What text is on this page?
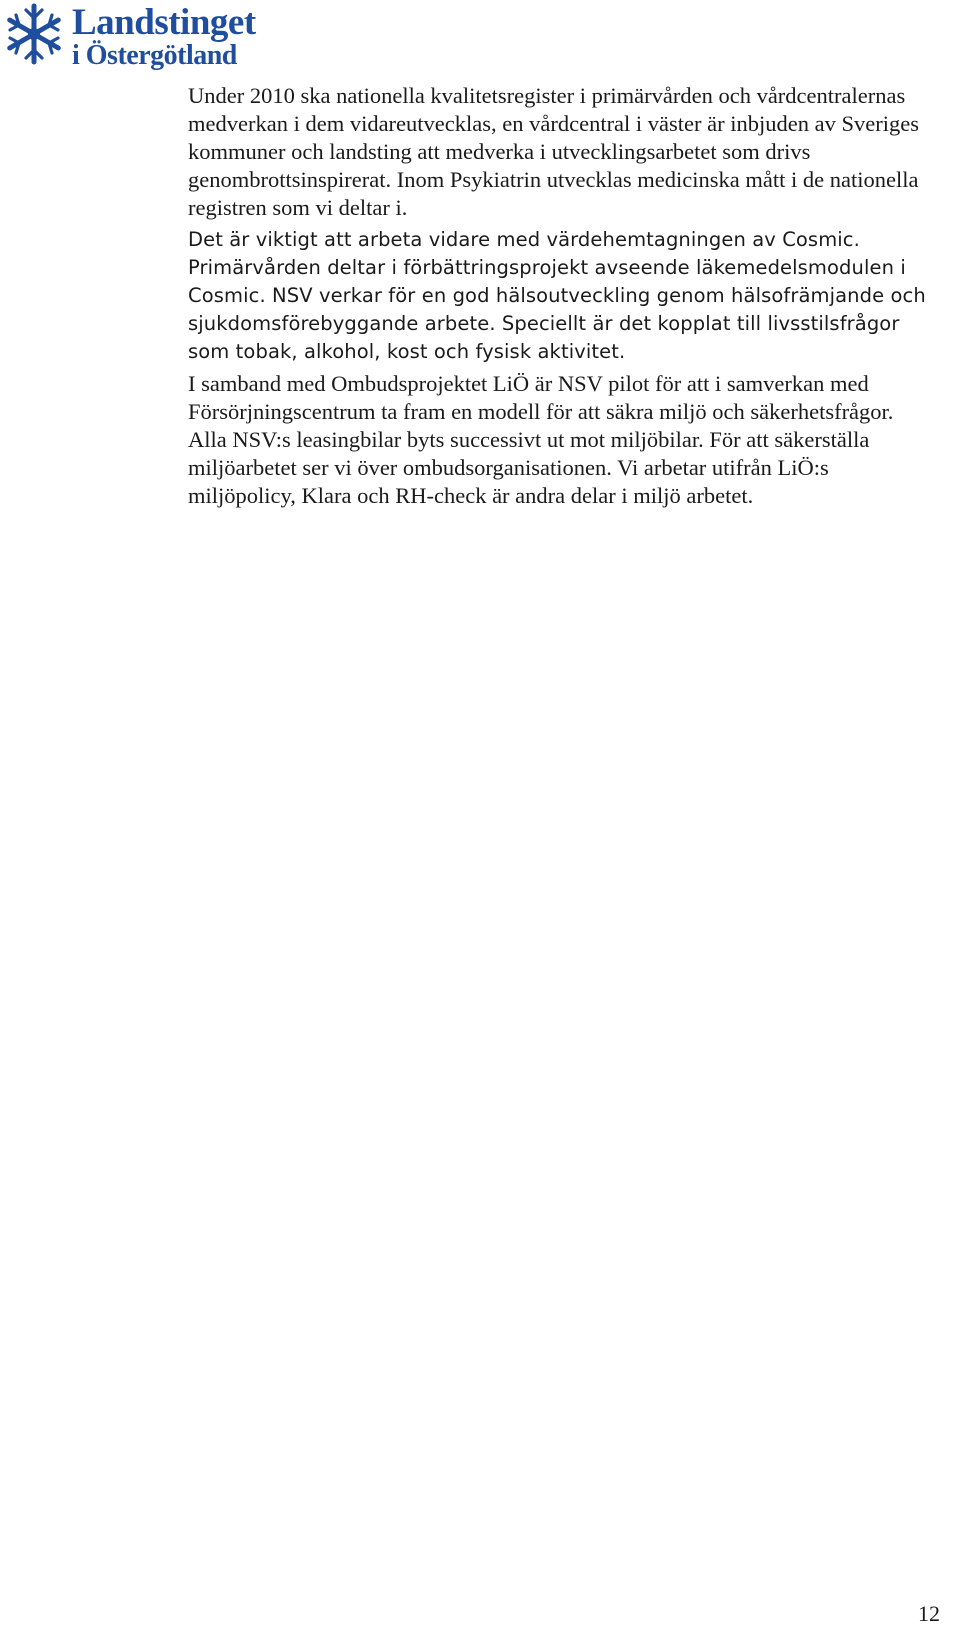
Landstinget
i Östergötland

Under 2010 ska nationella kvalitetsregister i primärvården och vårdcentralernas medverkan i dem vidareutvecklas, en vårdcentral i väster är inbjuden av Sveriges kommuner och landsting att medverka i utvecklingsarbetet som drivs genombrottsinspirerat. Inom Psykiatrin utvecklas medicinska mått i de nationella registren som vi deltar i.

Det är viktigt att arbeta vidare med värdehemtagningen av Cosmic. Primärvården deltar i förbättringsprojekt avseende läkemedelsmodulen i Cosmic. NSV verkar för en god hälsoutveckling genom hälsofrämjande och sjukdomsförebyggande arbete. Speciellt är det kopplat till livsstilsfrågor som tobak, alkohol, kost och fysisk aktivitet.

I samband med Ombudsprojektet LiÖ är NSV pilot för att i samverkan med Försörjningscentrum ta fram en modell för att säkra miljö och säkerhetsfrågor. Alla NSV:s leasingbilar byts successivt ut mot miljöbilar. För att säkerställa miljöarbetet ser vi över ombudsorganisationen. Vi arbetar utifrån LiÖ:s miljöpolicy, Klara och RH-check är andra delar i miljö arbetet.

12
